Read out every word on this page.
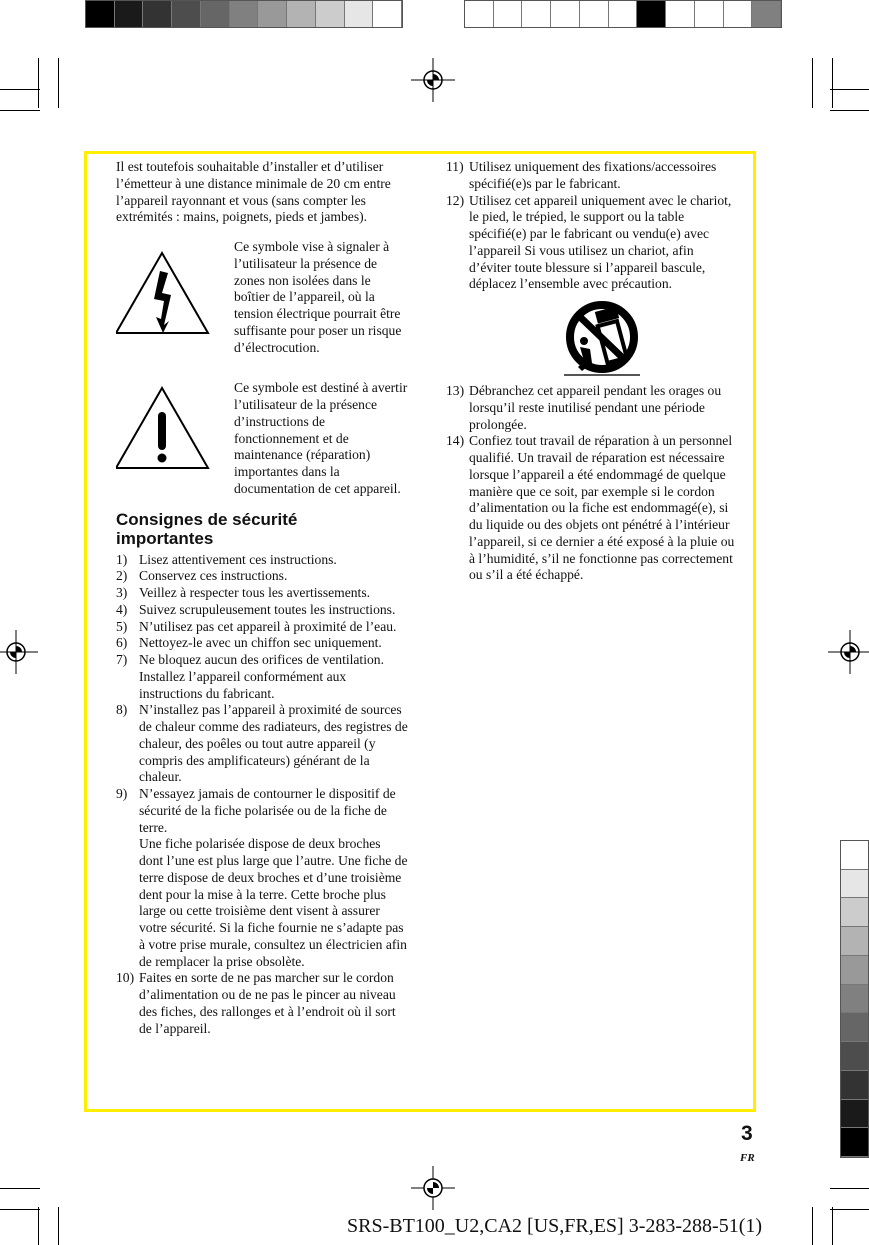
Il est toutefois souhaitable d’installer et d’utiliser l’émetteur à une distance minimale de 20 cm entre l’appareil rayonnant et vous (sans compter les extrémités : mains, poignets, pieds et jambes).
Ce symbole vise à signaler à l’utilisateur la présence de zones non isolées dans le boîtier de l’appareil, où la tension électrique pourrait être suffisante pour poser un risque d’électrocution.
Ce symbole est destiné à avertir l’utilisateur de la présence d’instructions de fonctionnement et de maintenance (réparation) importantes dans la documentation de cet appareil.
Consignes de sécurité importantes
1) Lisez attentivement ces instructions.
2) Conservez ces instructions.
3) Veillez à respecter tous les avertissements.
4) Suivez scrupuleusement toutes les instructions.
5) N’utilisez pas cet appareil à proximité de l’eau.
6) Nettoyez-le avec un chiffon sec uniquement.
7) Ne bloquez aucun des orifices de ventilation. Installez l’appareil conformément aux instructions du fabricant.
8) N’installez pas l’appareil à proximité de sources de chaleur comme des radiateurs, des registres de chaleur, des poêles ou tout autre appareil (y compris des amplificateurs) générant de la chaleur.
9) N’essayez jamais de contourner le dispositif de sécurité de la fiche polarisée ou de la fiche de terre.
Une fiche polarisée dispose de deux broches dont l’une est plus large que l’autre. Une fiche de terre dispose de deux broches et d’une troisième dent pour la mise à la terre. Cette broche plus large ou cette troisième dent visent à assurer votre sécurité. Si la fiche fournie ne s’adapte pas à votre prise murale, consultez un électricien afin de remplacer la prise obsolète.
10) Faites en sorte de ne pas marcher sur le cordon d’alimentation ou de ne pas le pincer au niveau des fiches, des rallonges et à l’endroit où il sort de l’appareil.
11) Utilisez uniquement des fixations/accessoires spécifié(e)s par le fabricant.
12) Utilisez cet appareil uniquement avec le chariot, le pied, le trépied, le support ou la table spécifié(e) par le fabricant ou vendu(e) avec l’appareil Si vous utilisez un chariot, afin d’éviter toute blessure si l’appareil bascule, déplacez l’ensemble avec précaution.
13) Débranchez cet appareil pendant les orages ou lorsqu’il reste inutilisé pendant une période prolongée.
14) Confiez tout travail de réparation à un personnel qualifié. Un travail de réparation est nécessaire lorsque l’appareil a été endommagé de quelque manière que ce soit, par exemple si le cordon d’alimentation ou la fiche est endommagé(e), si du liquide ou des objets ont pénétré à l’intérieur l’appareil, si ce dernier a été exposé à la pluie ou à l’humidité, s’il ne fonctionne pas correctement ou s’il a été échappé.
3
FR
SRS-BT100_U2,CA2 [US,FR,ES] 3-283-288-51(1)
